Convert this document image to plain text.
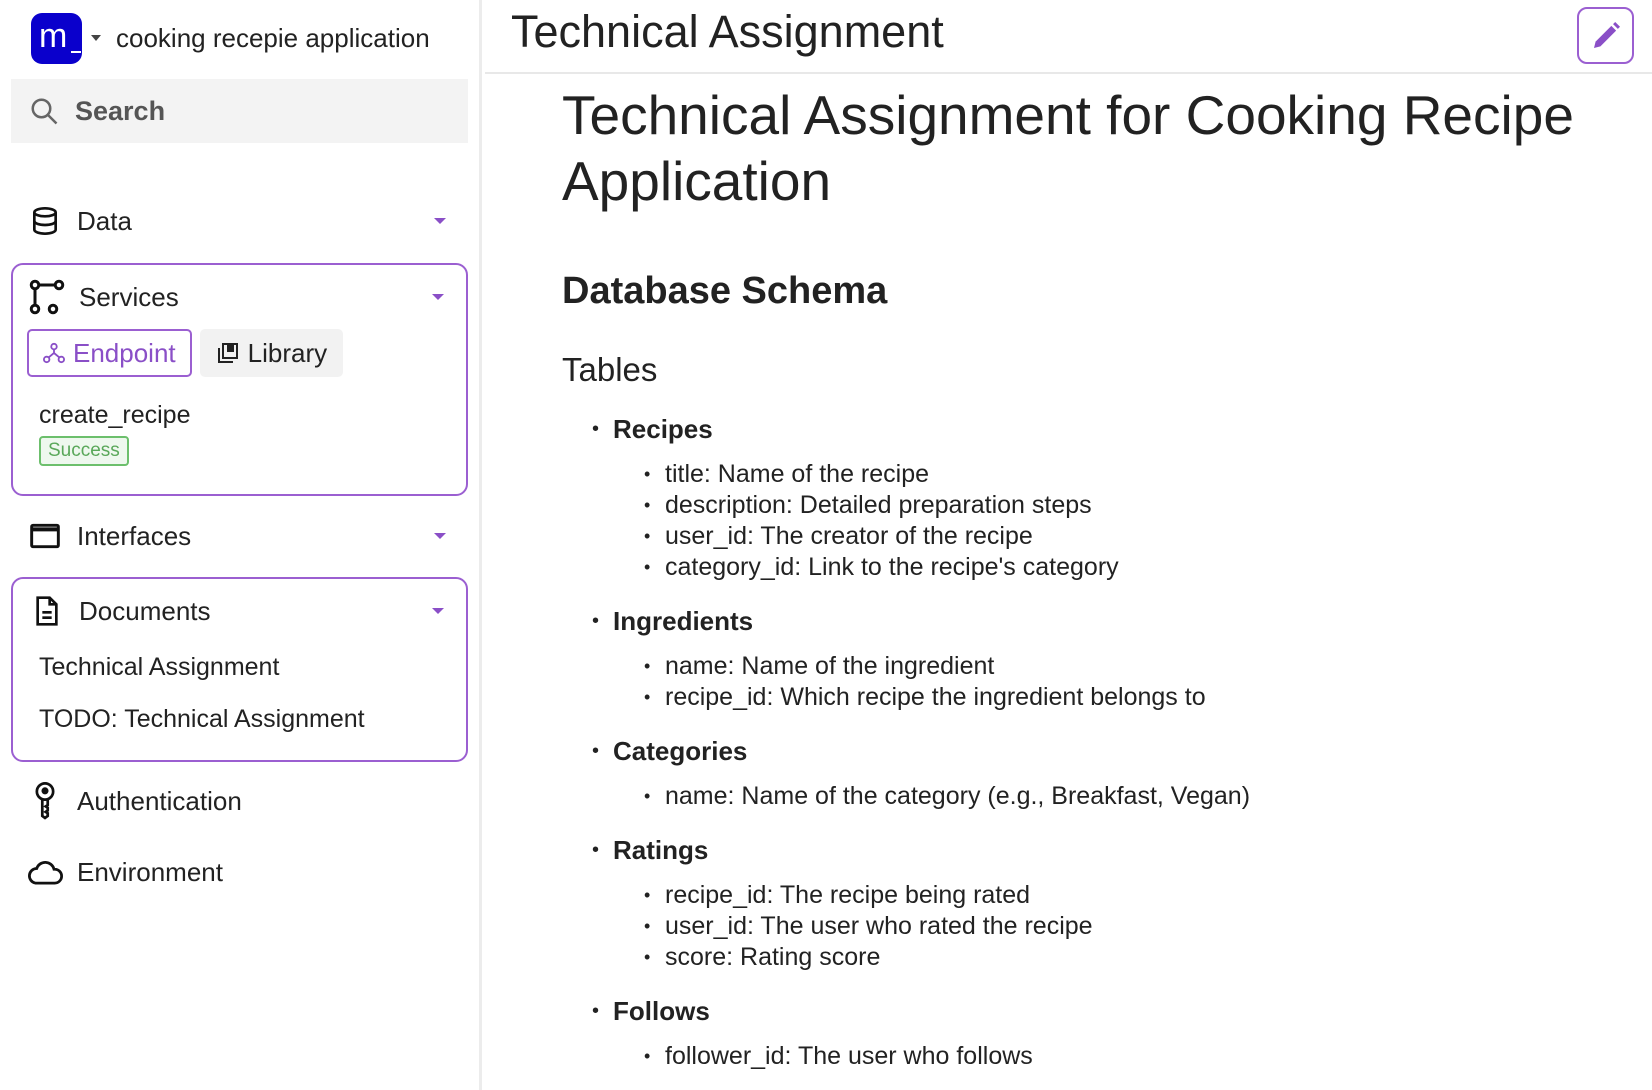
m	cooking recepie application
Search
Data
Services
Endpoint	Library
create_recipe
Success
Interfaces
Documents
Technical Assignment
TODO: Technical Assignment
Authentication
Environment
Technical Assignment
Technical Assignment for Cooking Recipe
Application
Database Schema
Tables
• Recipes
• title: Name of the recipe
• description: Detailed preparation steps
• user_id: The creator of the recipe
• category_id: Link to the recipe's category
• Ingredients
• name: Name of the ingredient
• recipe_id: Which recipe the ingredient belongs to
• Categories
• name: Name of the category (e.g., Breakfast, Vegan)
• Ratings
• recipe_id: The recipe being rated
• user_id: The user who rated the recipe
• score: Rating score
• Follows
• follower_id: The user who follows
